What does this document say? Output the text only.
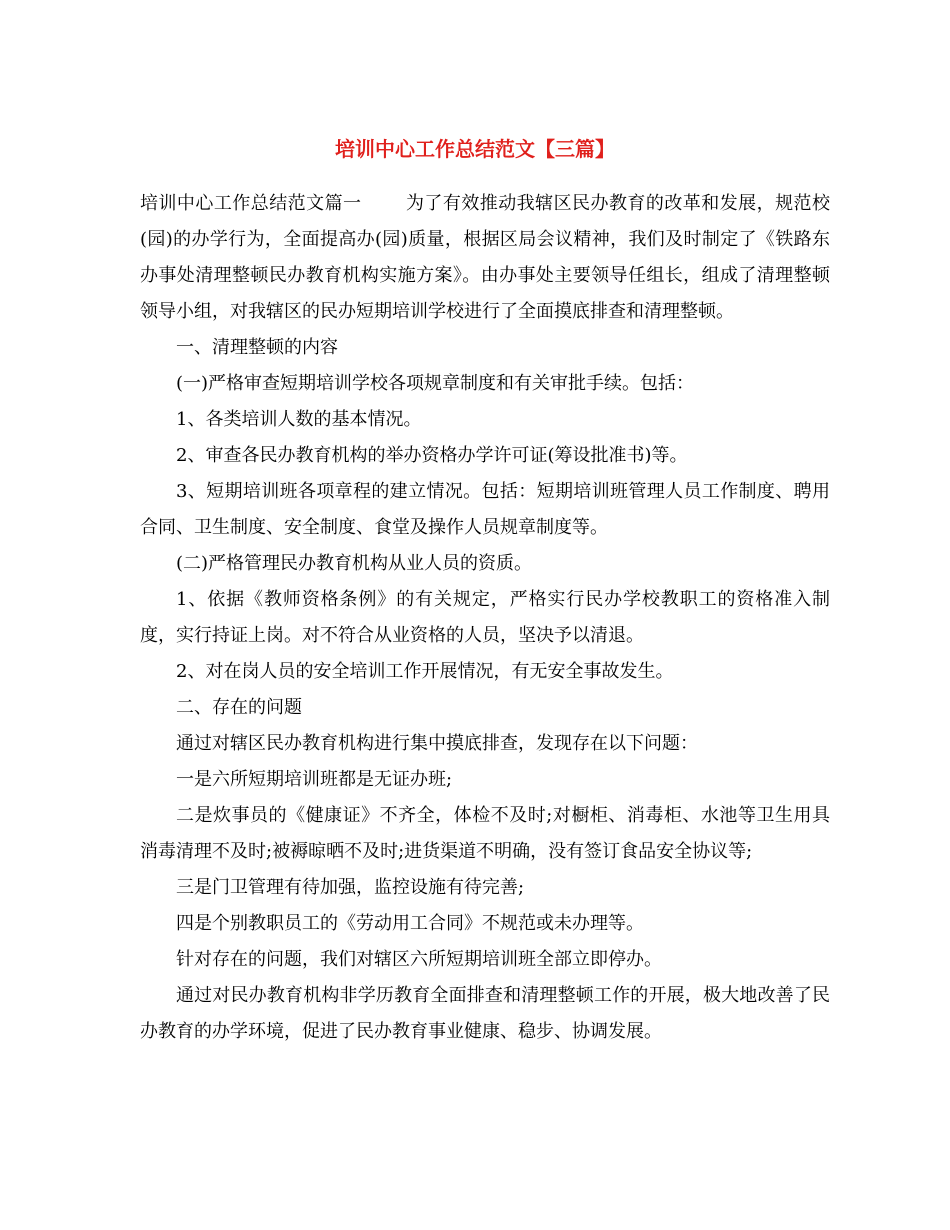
培训中心工作总结范文【三篇】

培训中心工作总结范文篇一 为了有效推动我辖区民办教育的改革和发展，规范校(园)的办学行为，全面提高办(园)质量，根据区局会议精神，我们及时制定了《铁路东办事处清理整顿民办教育机构实施方案》。由办事处主要领导任组长，组成了清理整顿领导小组，对我辖区的民办短期培训学校进行了全面摸底排查和清理整顿。

一、清理整顿的内容

(一)严格审查短期培训学校各项规章制度和有关审批手续。包括：

1、各类培训人数的基本情况。

2、审查各民办教育机构的举办资格办学许可证(筹设批准书)等。

3、短期培训班各项章程的建立情况。包括：短期培训班管理人员工作制度、聘用合同、卫生制度、安全制度、食堂及操作人员规章制度等。

(二)严格管理民办教育机构从业人员的资质。

1、依据《教师资格条例》的有关规定，严格实行民办学校教职工的资格准入制度，实行持证上岗。对不符合从业资格的人员，坚决予以清退。

2、对在岗人员的安全培训工作开展情况，有无安全事故发生。

二、存在的问题

通过对辖区民办教育机构进行集中摸底排查，发现存在以下问题：

一是六所短期培训班都是无证办班;

二是炊事员的《健康证》不齐全，体检不及时;对橱柜、消毒柜、水池等卫生用具消毒清理不及时;被褥晾晒不及时;进货渠道不明确，没有签订食品安全协议等;

三是门卫管理有待加强，监控设施有待完善;

四是个别教职员工的《劳动用工合同》不规范或未办理等。

针对存在的问题，我们对辖区六所短期培训班全部立即停办。

通过对民办教育机构非学历教育全面排查和清理整顿工作的开展，极大地改善了民办教育的办学环境，促进了民办教育事业健康、稳步、协调发展。
